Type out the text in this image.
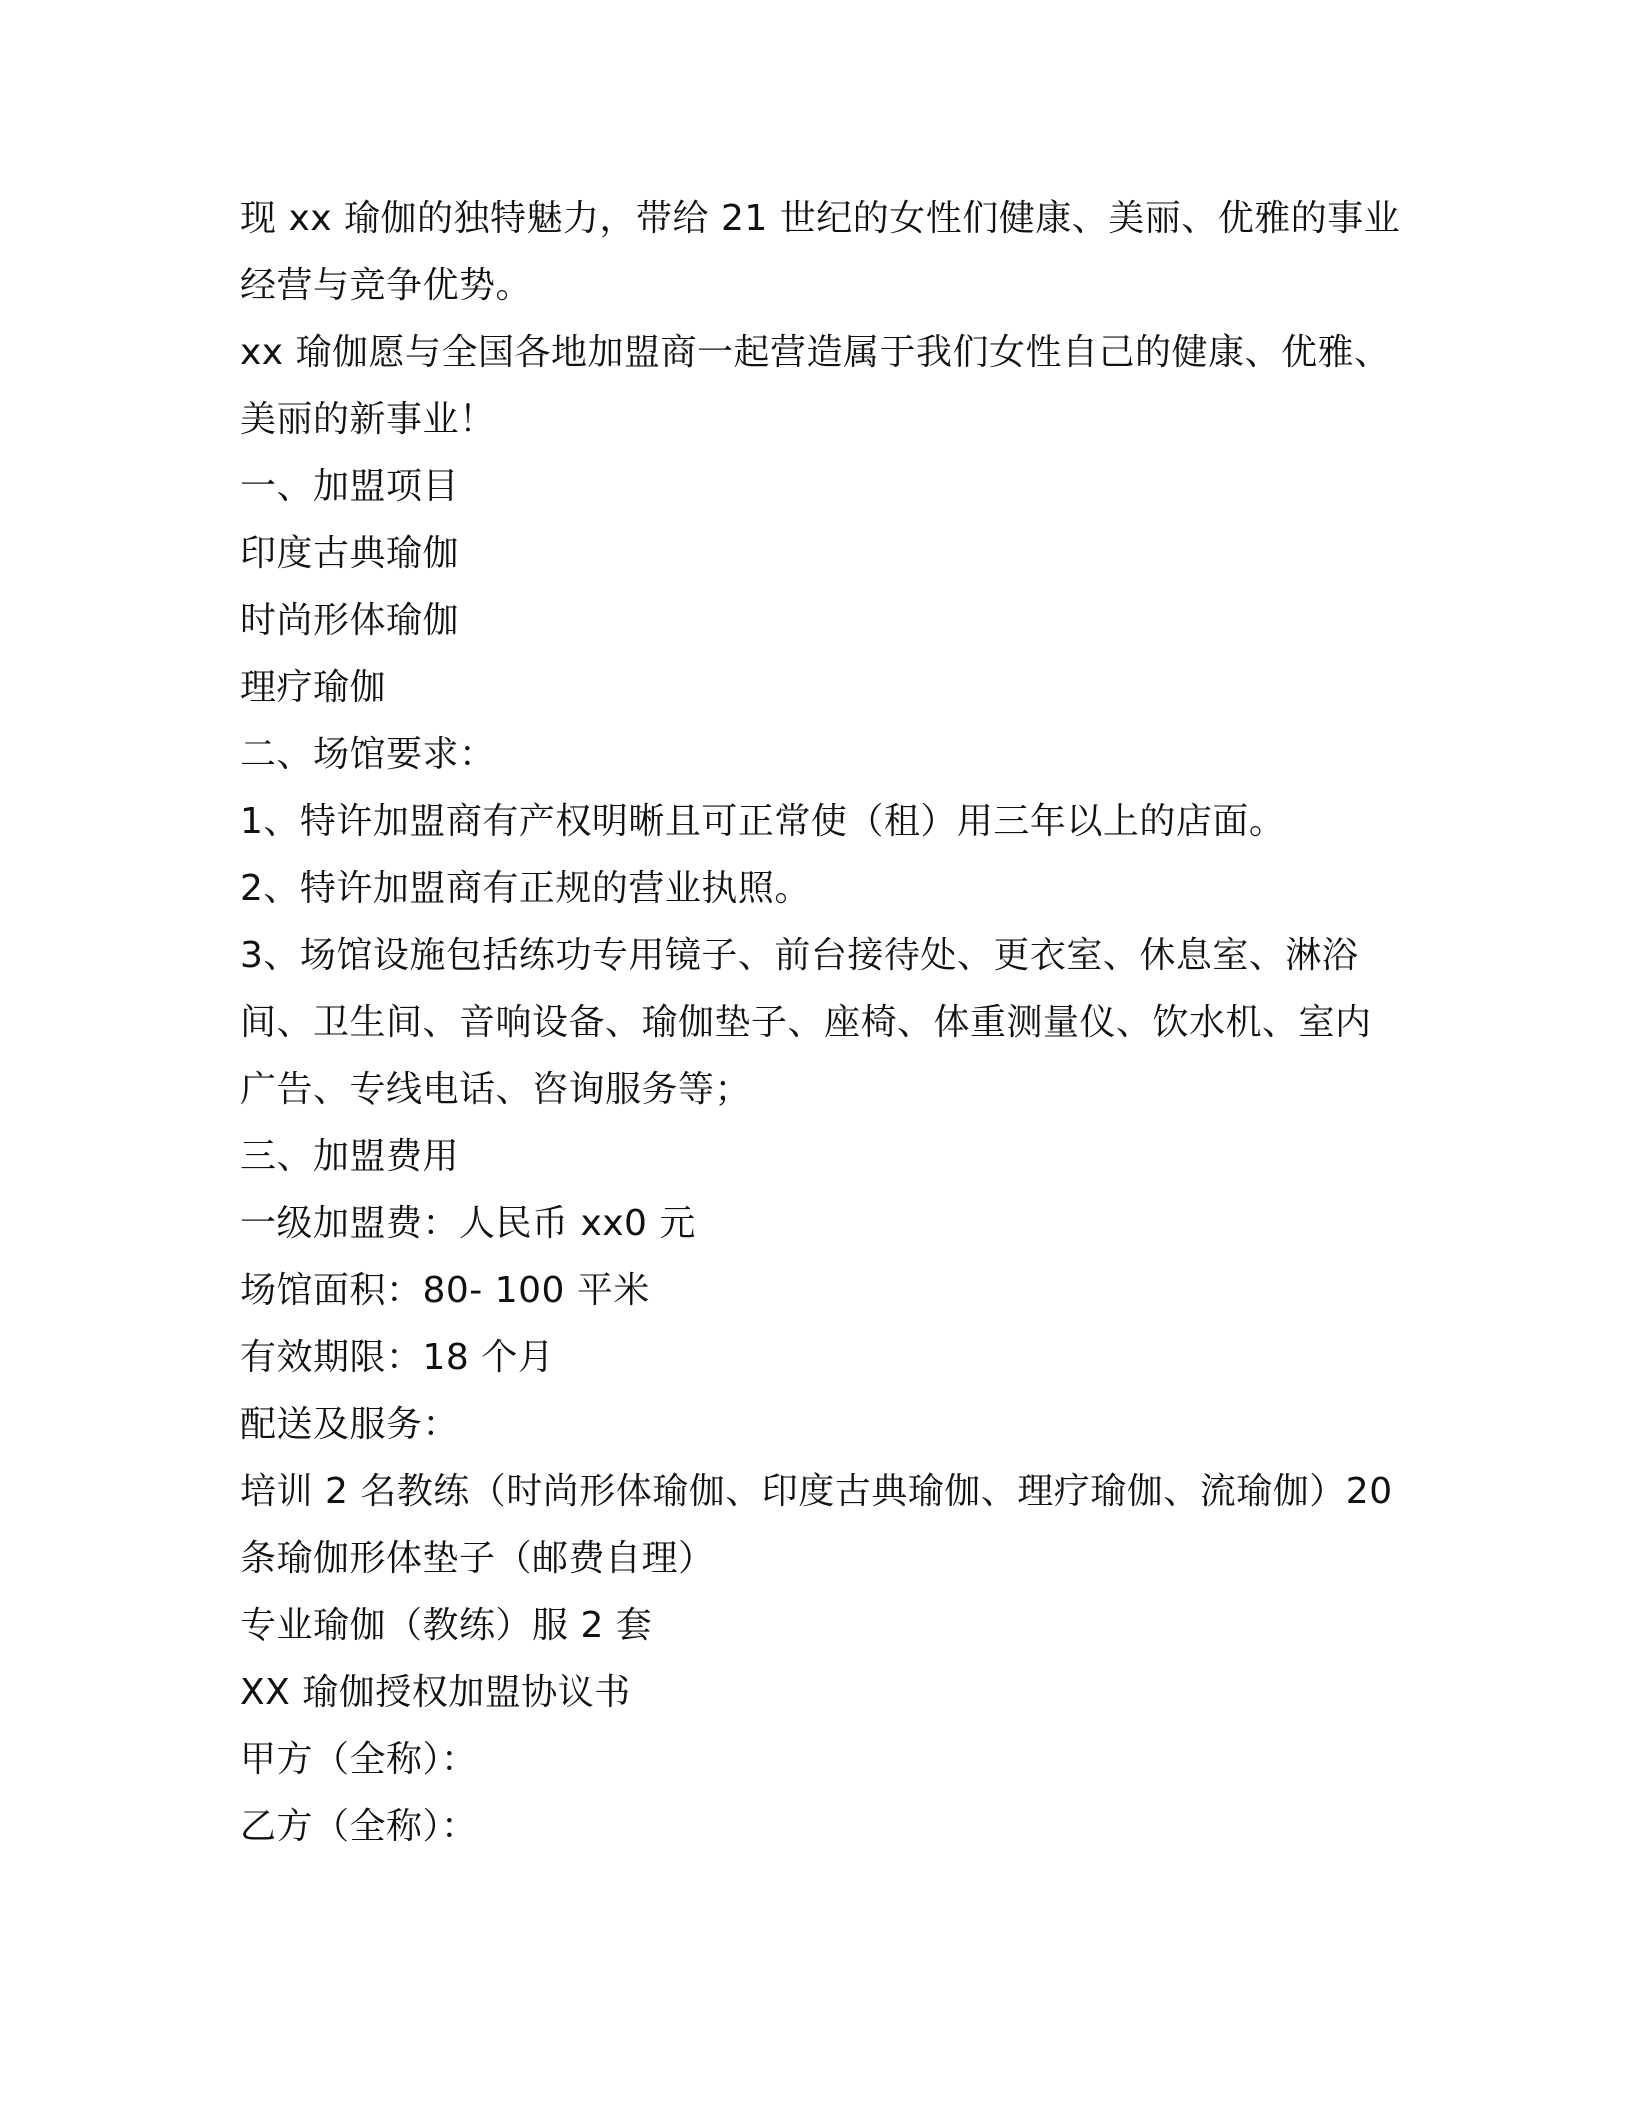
现 xx 瑜伽的独特魅力，带给 21 世纪的女性们健康、美丽、优雅的事业
经营与竞争优势。
xx 瑜伽愿与全国各地加盟商一起营造属于我们女性自己的健康、优雅、
美丽的新事业！
一、加盟项目
印度古典瑜伽
时尚形体瑜伽
理疗瑜伽
二、场馆要求：
1、特许加盟商有产权明晰且可正常使（租）用三年以上的店面。
2、特许加盟商有正规的营业执照。
3、场馆设施包括练功专用镜子、前台接待处、更衣室、休息室、淋浴
间、卫生间、音响设备、瑜伽垫子、座椅、体重测量仪、饮水机、室内
广告、专线电话、咨询服务等；
三、加盟费用
一级加盟费：人民币 xx0 元
场馆面积：80- 100 平米
有效期限：18 个月
配送及服务：
培训 2 名教练（时尚形体瑜伽、印度古典瑜伽、理疗瑜伽、流瑜伽）20
条瑜伽形体垫子（邮费自理）
专业瑜伽（教练）服 2 套
XX 瑜伽授权加盟协议书
甲方（全称）：
乙方（全称）：
